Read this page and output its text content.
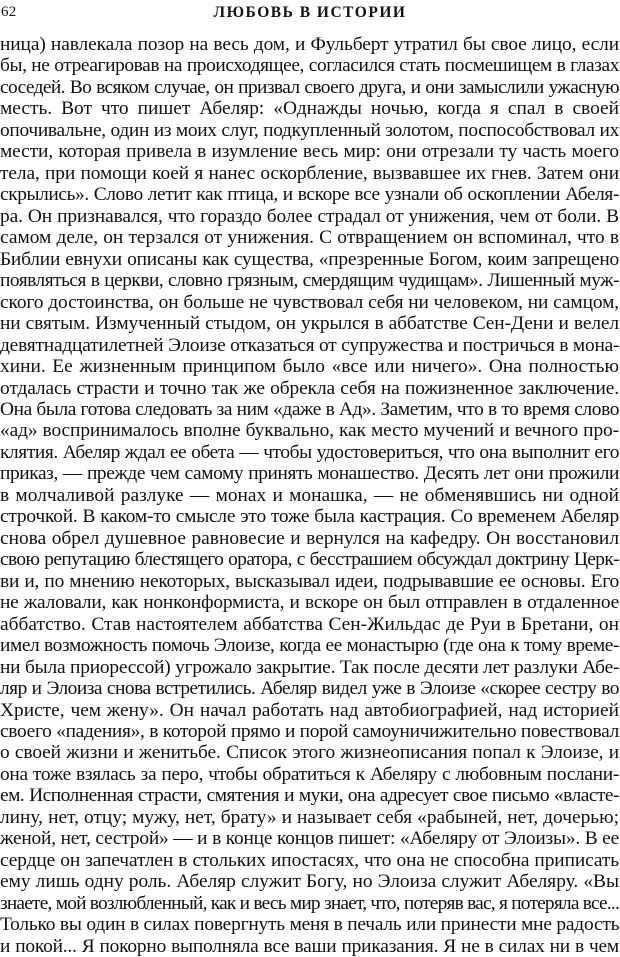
62	ЛЮБОВЬ В ИСТОРИИ
ница) навлекала позор на весь дом, и Фульберт утратил бы свое лицо, если
бы, не отреагировав на происходящее, согласился стать посмешищем в глазах
соседей. Во всяком случае, он призвал своего друга, и они замыслили ужасную
месть. Вот что пишет Абеляр: «Однажды ночью, когда я спал в своей
опочивальне, один из моих слуг, подкупленный золотом, поспособствовал их
мести, которая привела в изумление весь мир: они отрезали ту часть моего
тела, при помощи коей я нанес оскорбление, вызвавшее их гнев. Затем они
скрылись». Слово летит как птица, и вскоре все узнали об оскоплении Абеля-
ра. Он признавался, что гораздо более страдал от унижения, чем от боли. В
самом деле, он терзался от унижения. С отвращением он вспоминал, что в
Библии евнухи описаны как существа, «презренные Богом, коим запрещено
появляться в церкви, словно грязным, смердящим чудищам». Лишенный муж-
ского достоинства, он больше не чувствовал себя ни человеком, ни самцом,
ни святым. Измученный стыдом, он укрылся в аббатстве Сен-Дени и велел
девятнадцатилетней Элоизе отказаться от супружества и постричься в мона-
хини. Ее жизненным принципом было «все или ничего». Она полностью
отдалась страсти и точно так же обрекла себя на пожизненное заключение.
Она была готова следовать за ним «даже в Ад». Заметим, что в то время слово
«ад» воспринималось вполне буквально, как место мучений и вечного про-
клятия. Абеляр ждал ее обета — чтобы удостовериться, что она выполнит его
приказ, — прежде чем самому принять монашество. Десять лет они прожили
в молчаливой разлуке — монах и монашка, — не обменявшись ни одной
строчкой. В каком-то смысле это тоже была кастрация. Со временем Абеляр
снова обрел душевное равновесие и вернулся на кафедру. Он восстановил
свою репутацию блестящего оратора, с бесстрашием обсуждал доктрину Церк-
ви и, по мнению некоторых, высказывал идеи, подрывавшие ее основы. Его
не жаловали, как нонконформиста, и вскоре он был отправлен в отдаленное
аббатство. Став настоятелем аббатства Сен-Жильдас де Руи в Бретани, он
имел возможность помочь Элоизе, когда ее монастырю (где она к тому време-
ни была приорессой) угрожало закрытие. Так после десяти лет разлуки Абе-
ляр и Элоиза снова встретились. Абеляр видел уже в Элоизе «скорее сестру во
Христе, чем жену». Он начал работать над автобиографией, над историей
своего «падения», в которой прямо и порой самоуничижительно повествовал
о своей жизни и женитьбе. Список этого жизнеописания попал к Элоизе, и
она тоже взялась за перо, чтобы обратиться к Абеляру с любовным послани-
ем. Исполненная страсти, смятения и муки, она адресует свое письмо «власте-
лину, нет, отцу; мужу, нет, брату» и называет себя «рабыней, нет, дочерью;
женой, нет, сестрой» — и в конце концов пишет: «Абеляру от Элоизы». В ее
сердце он запечатлен в стольких ипостасях, что она не способна приписать
ему лишь одну роль. Абеляр служит Богу, но Элоиза служит Абеляру. «Вы
знаете, мой возлюбленный, как и весь мир знает, что, потеряв вас, я потеряла все...
Только вы один в силах повергнуть меня в печаль или принести мне радость
и покой... Я покорно выполняла все ваши приказания. Я не в силах ни в чем
